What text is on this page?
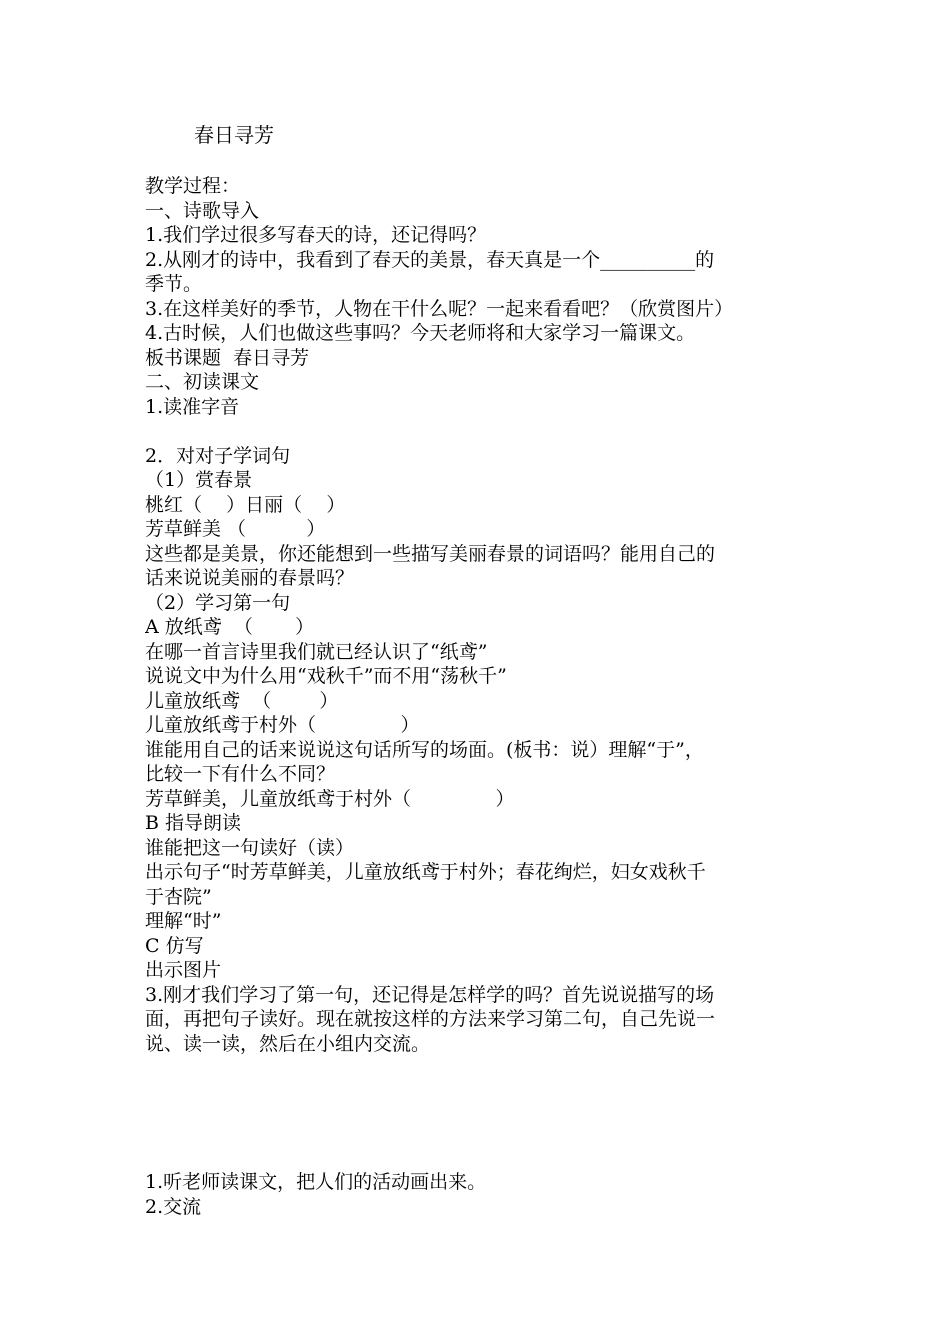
春日寻芳
教学过程：
一、诗歌导入
1.我们学过很多写春天的诗，还记得吗？
2.从刚才的诗中，我看到了春天的美景，春天真是一个__________的
季节。
3.在这样美好的季节，人物在干什么呢？一起来看看吧？（欣赏图片）
4.古时候，人们也做这些事吗？今天老师将和大家学习一篇课文。
板书课题  春日寻芳
二、初读课文
1.读准字音

2．对对子学词句
（1）赏春景
桃红（    ）日丽（    ）
芳草鲜美 （          ）
这些都是美景，你还能想到一些描写美丽春景的词语吗？能用自己的
话来说说美丽的春景吗？
（2）学习第一句
A 放纸鸢  （       ）
在哪一首言诗里我们就已经认识了“纸鸢”
说说文中为什么用“戏秋千”而不用“荡秋千”
儿童放纸鸢  （        ）
儿童放纸鸢于村外（              ）
谁能用自己的话来说说这句话所写的场面。(板书：说）理解“于”，
比较一下有什么不同？
芳草鲜美，儿童放纸鸢于村外（              ）
B 指导朗读
谁能把这一句读好（读）
出示句子“时芳草鲜美，儿童放纸鸢于村外；春花绚烂，妇女戏秋千
于杏院”
理解“时”
C 仿写
出示图片
3.刚才我们学习了第一句，还记得是怎样学的吗？首先说说描写的场
面，再把句子读好。现在就按这样的方法来学习第二句，自己先说一
说、读一读，然后在小组内交流。
1.听老师读课文，把人们的活动画出来。
2.交流
